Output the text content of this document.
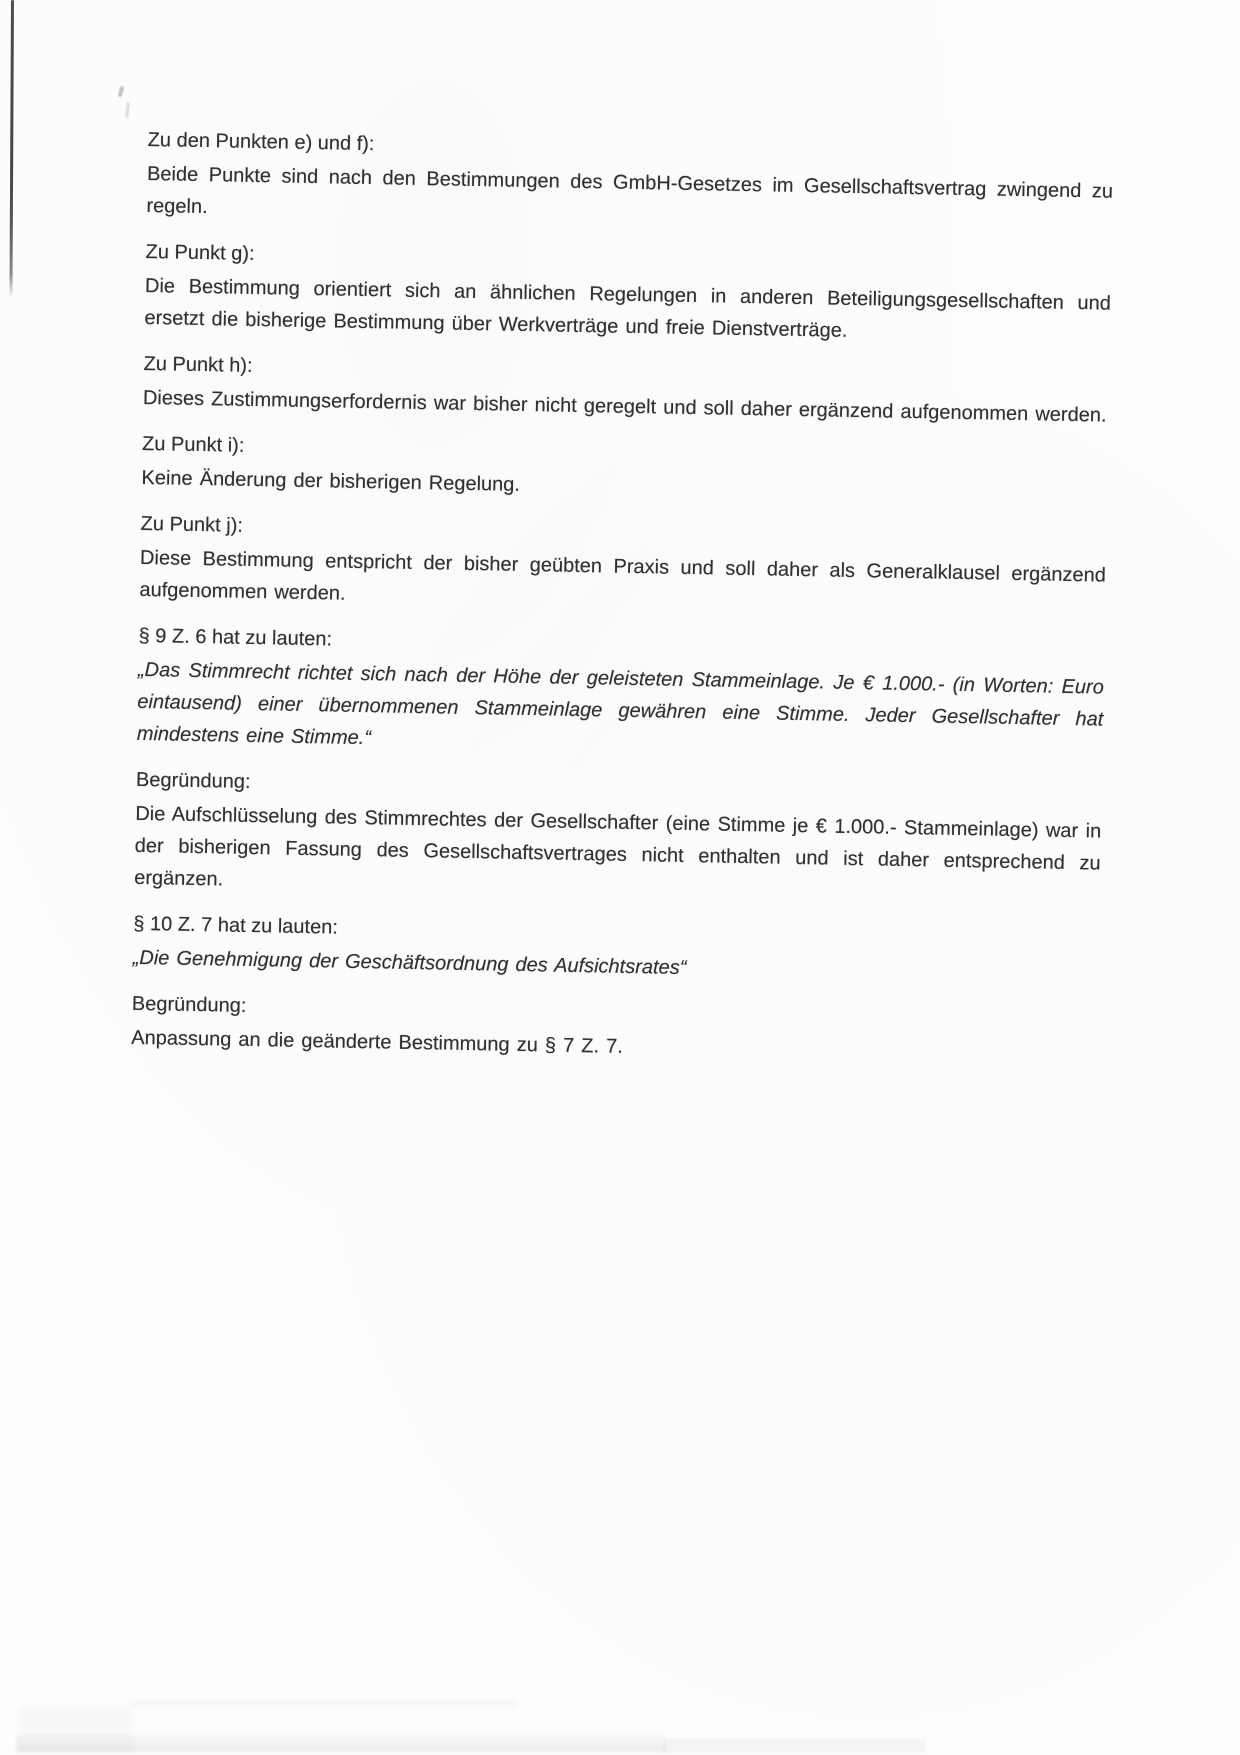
Zu den Punkten e) und f):
Beide Punkte sind nach den Bestimmungen des GmbH-Gesetzes im Gesellschaftsvertrag zwingend zu regeln.
Zu Punkt g):
Die Bestimmung orientiert sich an ähnlichen Regelungen in anderen Beteiligungsgesellschaften und ersetzt die bisherige Bestimmung über Werkverträge und freie Dienstverträge.
Zu Punkt h):
Dieses Zustimmungserfordernis war bisher nicht geregelt und soll daher ergänzend aufgenommen werden.
Zu Punkt i):
Keine Änderung der bisherigen Regelung.
Zu Punkt j):
Diese Bestimmung entspricht der bisher geübten Praxis und soll daher als Generalklausel ergänzend aufgenommen werden.
§ 9 Z. 6 hat zu lauten:
„Das Stimmrecht richtet sich nach der Höhe der geleisteten Stammeinlage. Je € 1.000.- (in Worten: Euro eintausend) einer übernommenen Stammeinlage gewähren eine Stimme. Jeder Gesellschafter hat mindestens eine Stimme.“
Begründung:
Die Aufschlüsselung des Stimmrechtes der Gesellschafter (eine Stimme je € 1.000.- Stammeinlage) war in der bisherigen Fassung des Gesellschaftsvertrages nicht enthalten und ist daher entsprechend zu ergänzen.
§ 10 Z. 7 hat zu lauten:
„Die Genehmigung der Geschäftsordnung des Aufsichtsrates“
Begründung:
Anpassung an die geänderte Bestimmung zu § 7 Z. 7.
